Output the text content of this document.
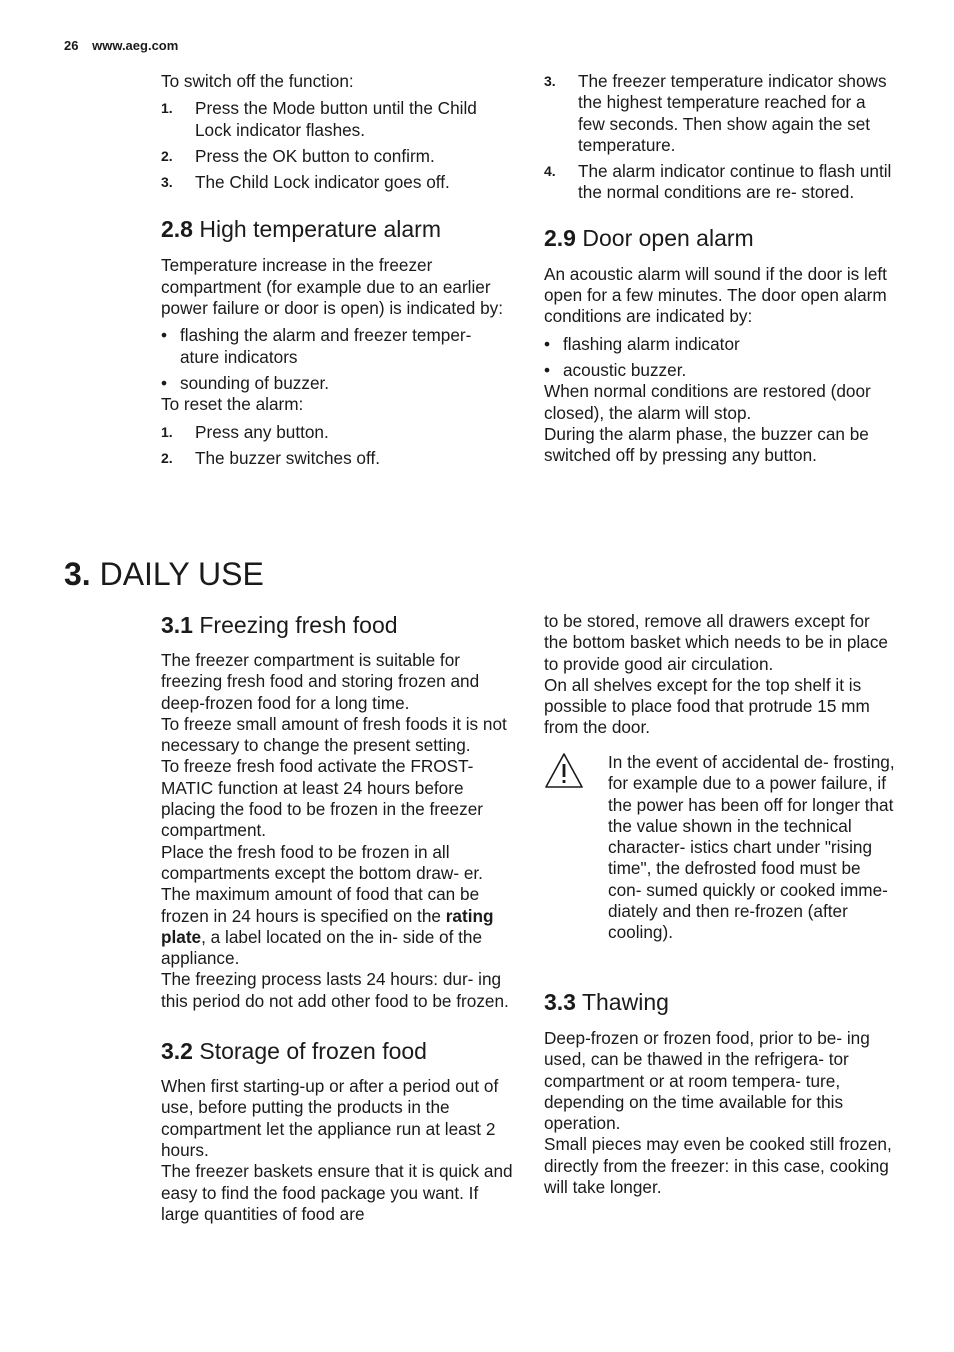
26 www.aeg.com

To switch off the function:

1. Press the Mode button until the Child Lock indicator flashes.
2. Press the OK button to confirm.
3. The Child Lock indicator goes off.
2.8 High temperature alarm

Temperature increase in the freezer compartment (for example due to an earlier power failure or door is open) is indicated by:

• flashing the alarm and freezer temper- ature indicators
• sounding of buzzer.

To reset the alarm:

1. Press any button.
2. The buzzer switches off.
3. The freezer temperature indicator shows the highest temperature reached for a few seconds. Then show again the set temperature.
4. The alarm indicator continue to flash until the normal conditions are re- stored.
2.9 Door open alarm

An acoustic alarm will sound if the door is left open for a few minutes. The door open alarm conditions are indicated by:

• flashing alarm indicator
• acoustic buzzer.

When normal conditions are restored (door closed), the alarm will stop.

During the alarm phase, the buzzer can be switched off by pressing any button.

3. DAILY USE
3.1 Freezing fresh food

The freezer compartment is suitable for freezing fresh food and storing frozen and deep-frozen food for a long time.

To freeze small amount of fresh foods it is not necessary to change the present setting.

To freeze fresh food activate the FROST- MATIC function at least 24 hours before placing the food to be frozen in the freezer compartment.

Place the fresh food to be frozen in all compartments except the bottom draw- er.

The maximum amount of food that can be frozen in 24 hours is specified on the rating plate, a label located on the in- side of the appliance.

The freezing process lasts 24 hours: dur- ing this period do not add other food to be frozen.

3.2 Storage of frozen food

When first starting-up or after a period out of use, before putting the products in the compartment let the appliance run at least 2 hours.

The freezer baskets ensure that it is quick and easy to find the food package you want. If large quantities of food are

to be stored, remove all drawers except for the bottom basket which needs to be in place to provide good air circulation.

On all shelves except for the top shelf it is possible to place food that protrude 15 mm from the door.

In the event of accidental de- frosting, for example due to a power failure, if the power has been off for longer that the value shown in the technical character- istics chart under "rising time", the defrosted food must be con- sumed quickly or cooked imme- diately and then re-frozen (after cooling).

3.3 Thawing

Deep-frozen or frozen food, prior to be- ing used, can be thawed in the refrigera- tor compartment or at room tempera- ture, depending on the time available for this operation.

Small pieces may even be cooked still frozen, directly from the freezer: in this case, cooking will take longer.
